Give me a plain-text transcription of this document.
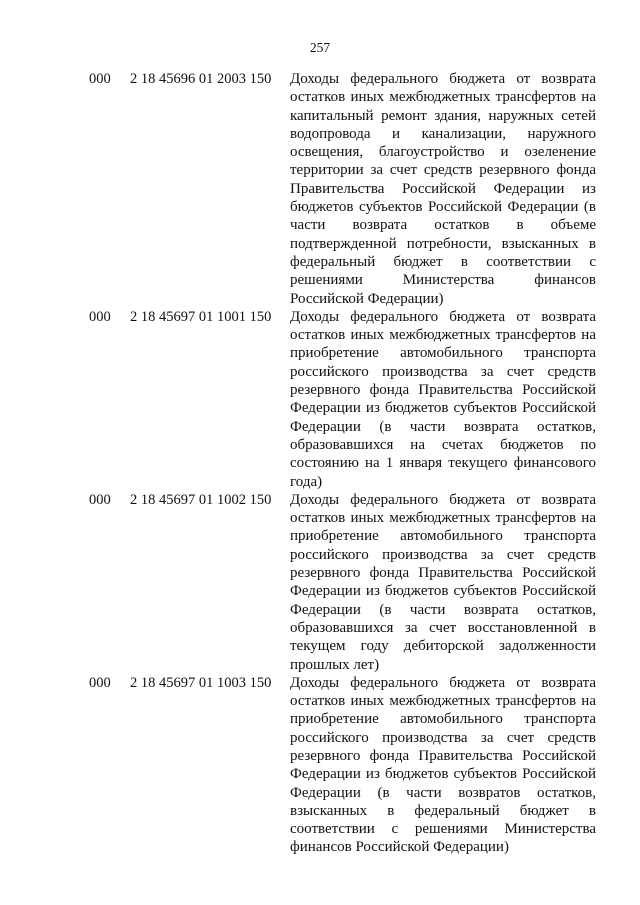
257
000 2 18 45696 01 2003 150 Доходы федерального бюджета от возврата
остатков иных межбюджетных трансфертов на
капитальный ремонт здания, наружных сетей
водопровода и канализации, наружного
освещения, благоустройство и озеленение
территории за счет средств резервного фонда
Правительства Российской Федерации из
бюджетов субъектов Российской Федерации (в
части возврата остатков в объеме
подтвержденной потребности, взысканных в
федеральный бюджет в соответствии с
решениями Министерства финансов
Российской Федерации)
000 2 18 45697 01 1001 150 Доходы федерального бюджета от возврата
остатков иных межбюджетных трансфертов на
приобретение автомобильного транспорта
российского производства за счет средств
резервного фонда Правительства Российской
Федерации из бюджетов субъектов Российской
Федерации (в части возврата остатков,
образовавшихся на счетах бюджетов по
состоянию на 1 января текущего финансового
года)
000 2 18 45697 01 1002 150 Доходы федерального бюджета от возврата
остатков иных межбюджетных трансфертов на
приобретение автомобильного транспорта
российского производства за счет средств
резервного фонда Правительства Российской
Федерации из бюджетов субъектов Российской
Федерации (в части возврата остатков,
образовавшихся за счет восстановленной в
текущем году дебиторской задолженности
прошлых лет)
000 2 18 45697 01 1003 150 Доходы федерального бюджета от возврата
остатков иных межбюджетных трансфертов на
приобретение автомобильного транспорта
российского производства за счет средств
резервного фонда Правительства Российской
Федерации из бюджетов субъектов Российской
Федерации (в части возвратов остатков,
взысканных в федеральный бюджет в
соответствии с решениями Министерства
финансов Российской Федерации)
